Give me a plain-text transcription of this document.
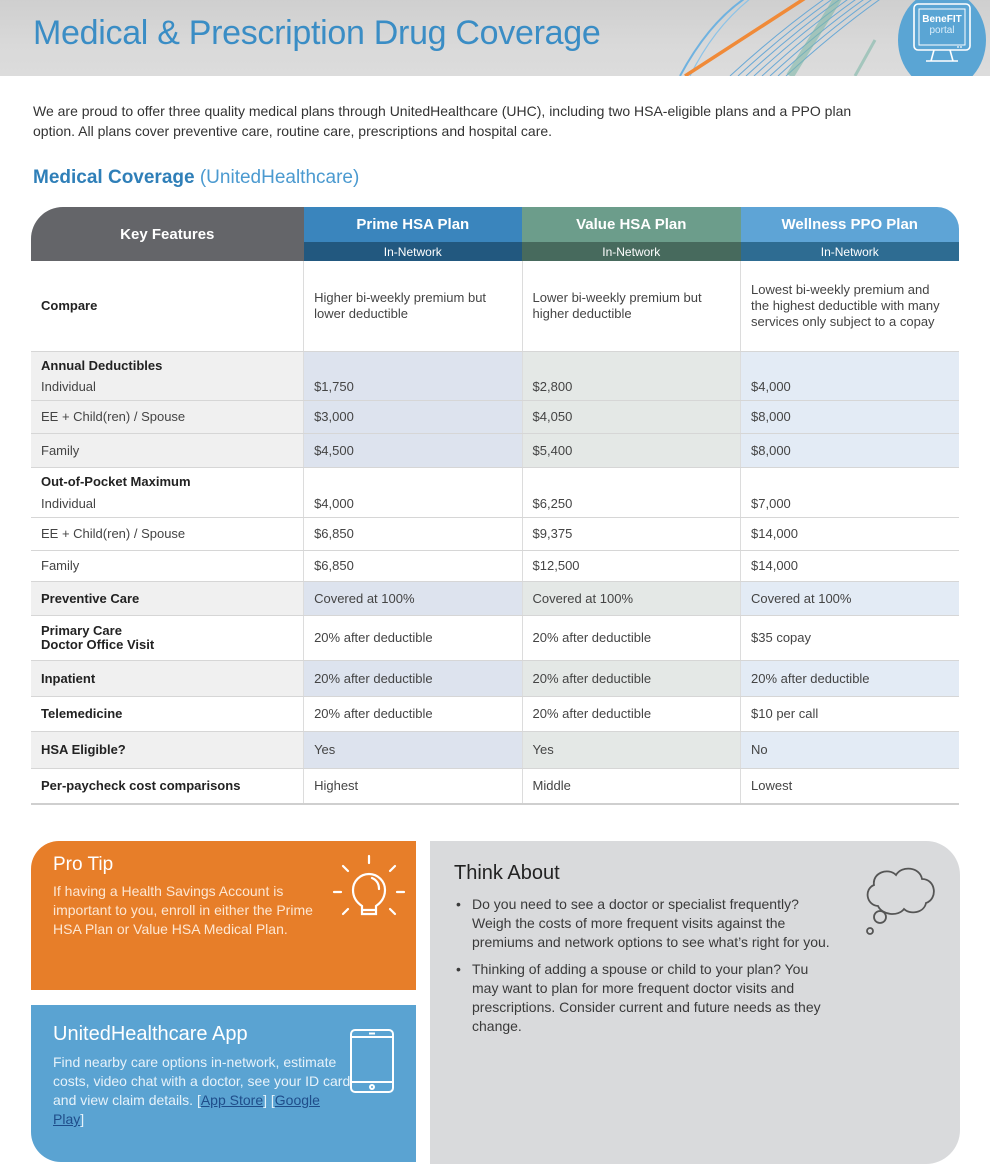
Medical & Prescription Drug Coverage	BeneFIT
portal

We are proud to offer three quality medical plans through UnitedHealthcare (UHC), including two HSA-eligible plans and a PPO plan option. All plans cover preventive care, routine care, prescriptions and hospital care.

Medical Coverage (UnitedHealthcare)
Key Features	Prime HSA Plan	Value HSA Plan	Wellness PPO Plan
	In-Network	In-Network	In-Network
Compare	Higher bi-weekly premium but lower deductible	Lower bi-weekly premium but higher deductible	Lowest bi-weekly premium and the highest deductible with many services only subject to a copay
Annual Deductibles			
Individual	$1,750	$2,800	$4,000
EE + Child(ren) / Spouse	$3,000	$4,050	$8,000
Family	$4,500	$5,400	$8,000
Out-of-Pocket Maximum			
Individual	$4,000	$6,250	$7,000
EE + Child(ren) / Spouse	$6,850	$9,375	$14,000
Family	$6,850	$12,500	$14,000
Preventive Care	Covered at 100%	Covered at 100%	Covered at 100%
Primary Care
Doctor Office Visit	20% after deductible	20% after deductible	$35 copay
Inpatient	20% after deductible	20% after deductible	20% after deductible
Telemedicine	20% after deductible	20% after deductible	$10 per call
HSA Eligible?	Yes	Yes	No
Per-paycheck cost comparisons	Highest	Middle	Lowest
Pro Tip

If having a Health Savings Account is important to you, enroll in either the Prime HSA Plan or Value HSA Medical Plan.

UnitedHealthcare App

Find nearby care options in-network, estimate costs, video chat with a doctor, see your ID card and view claim details. [App Store] [Google Play]

Think About
• Do you need to see a doctor or specialist frequently? Weigh the costs of more frequent visits against the premiums and network options to see what’s right for you.
• Thinking of adding a spouse or child to your plan? You may want to plan for more frequent doctor visits and prescriptions. Consider current and future needs as they change.
